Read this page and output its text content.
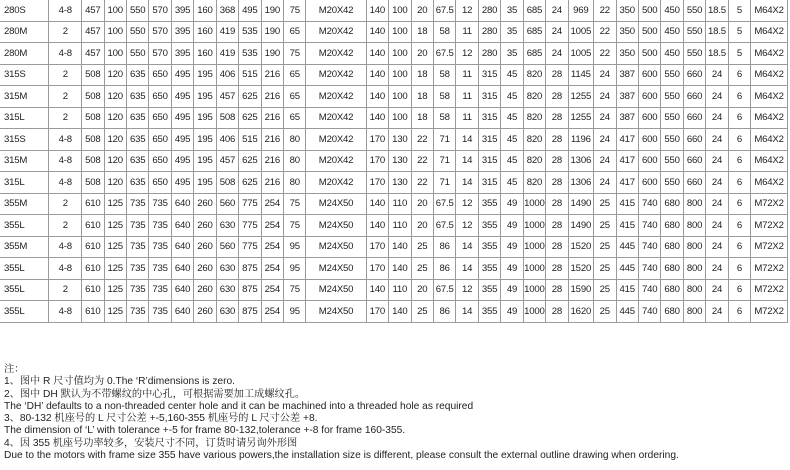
280S	4-8	457	100	550	570	395	160	368	495	190	75	M20X42	140	100	20	67.5	12	280	35	685	24	969	22	350	500	450	550	18.5	5	M64X2
280M	2	457	100	550	570	395	160	419	535	190	65	M20X42	140	100	18	58	11	280	35	685	24	1005	22	350	500	450	550	18.5	5	M64X2
280M	4-8	457	100	550	570	395	160	419	535	190	75	M20X42	140	100	20	67.5	12	280	35	685	24	1005	22	350	500	450	550	18.5	5	M64X2
315S	2	508	120	635	650	495	195	406	515	216	65	M20X42	140	100	18	58	11	315	45	820	28	1145	24	387	600	550	660	24	6	M64X2
315M	2	508	120	635	650	495	195	457	625	216	65	M20X42	140	100	18	58	11	315	45	820	28	1255	24	387	600	550	660	24	6	M64X2
315L	2	508	120	635	650	495	195	508	625	216	65	M20X42	140	100	18	58	11	315	45	820	28	1255	24	387	600	550	660	24	6	M64X2
315S	4-8	508	120	635	650	495	195	406	515	216	80	M20X42	170	130	22	71	14	315	45	820	28	1196	24	417	600	550	660	24	6	M64X2
315M	4-8	508	120	635	650	495	195	457	625	216	80	M20X42	170	130	22	71	14	315	45	820	28	1306	24	417	600	550	660	24	6	M64X2
315L	4-8	508	120	635	650	495	195	508	625	216	80	M20X42	170	130	22	71	14	315	45	820	28	1306	24	417	600	550	660	24	6	M64X2
355M	2	610	125	735	735	640	260	560	775	254	75	M24X50	140	110	20	67.5	12	355	49	1000	28	1490	25	415	740	680	800	24	6	M72X2
355L	2	610	125	735	735	640	260	630	775	254	75	M24X50	140	110	20	67.5	12	355	49	1000	28	1490	25	415	740	680	800	24	6	M72X2
355M	4-8	610	125	735	735	640	260	560	775	254	95	M24X50	170	140	25	86	14	355	49	1000	28	1520	25	445	740	680	800	24	6	M72X2
355L	4-8	610	125	735	735	640	260	630	875	254	95	M24X50	170	140	25	86	14	355	49	1000	28	1520	25	445	740	680	800	24	6	M72X2
355L	2	610	125	735	735	640	260	630	875	254	75	M24X50	140	110	20	67.5	12	355	49	1000	28	1590	25	415	740	680	800	24	6	M72X2
355L	4-8	610	125	735	735	640	260	630	875	254	95	M24X50	170	140	25	86	14	355	49	1000	28	1620	25	445	740	680	800	24	6	M72X2
注：
1、图中 R 尺寸值均为 0.The ‘R’dimensions is zero.
2、图中 DH 默认为不带螺纹的中心孔，可根据需要加工成螺纹孔。
The ‘DH’ defaults to a non-threaded center hole and it can be machined into a threaded hole as required
3、80-132 机座号的 L 尺寸公差 +-5,160-355 机座号的 L 尺寸公差 +8.
The dimension of ‘L’ with tolerance +-5 for frame 80-132,tolerance +-8 for frame 160-355.
4、因 355 机座号功率较多，安装尺寸不同，订货时请另询外形图
Due to the motors with frame size 355 have various powers,the installation size is different, please consult the external outline drawing when ordering.
